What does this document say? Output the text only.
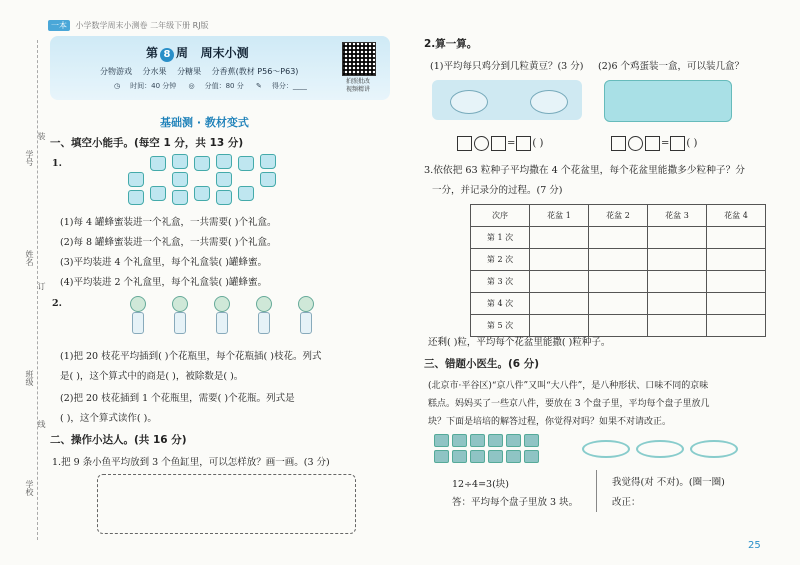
一本 小学数学周末小测卷 二年级下册 RJ版
学号
姓名
班级
学校
装
订
线
第 8 周 周末小测
分物游戏 分水果 分糖果 分香蕉(教材 P56～P63)
◷ 时间：40 分钟 ◎ 分值：80 分 ✎ 得分：____
拍照批改
视频精讲
基础测 · 教材变式
一、填空小能手。(每空 1 分，共 13 分)
1.
(1)每 4 罐蜂蜜装进一个礼盒，一共需要( )个礼盒。
(2)每 8 罐蜂蜜装进一个礼盒，一共需要( )个礼盒。
(3)平均装进 4 个礼盒里，每个礼盒装( )罐蜂蜜。
(4)平均装进 2 个礼盒里，每个礼盒装( )罐蜂蜜。
2.
(1)把 20 枝花平均插到( )个花瓶里，每个花瓶插( )枝花。列式
是( )，这个算式中的商是( )，被除数是( )。
(2)把 20 枝花插到 1 个花瓶里，需要( )个花瓶。列式是
( )，这个算式读作( )。
二、操作小达人。(共 16 分)
1.把 9 条小鱼平均放到 3 个鱼缸里，可以怎样放？画一画。(3 分)
2.算一算。
(1)平均每只鸡分到几粒黄豆？(3 分) (2)6 个鸡蛋装一盒，可以装几盒？
= ( )	= ( )
3.依依把 63 粒种子平均撒在 4 个花盆里，每个花盆里能撒多少粒种子？分
一分，并记录分的过程。(7 分)
次序	花盆 1	花盆 2	花盆 3	花盆 4
第 1 次				
第 2 次				
第 3 次				
第 4 次				
第 5 次				
还剩( )粒，平均每个花盆里能撒( )粒种子。
三、错题小医生。(6 分)
(北京市·平谷区)“京八件”又叫“大八件”，是八种形状、口味不同的京味
糕点。妈妈买了一些京八件，要放在 3 个盘子里，平均每个盘子里放几
块？下面是培培的解答过程，你觉得对吗？如果不对请改正。
12÷4=3(块)
答：平均每个盘子里放 3 块。
我觉得(对 不对)。(圈一圈)
改正：
25
